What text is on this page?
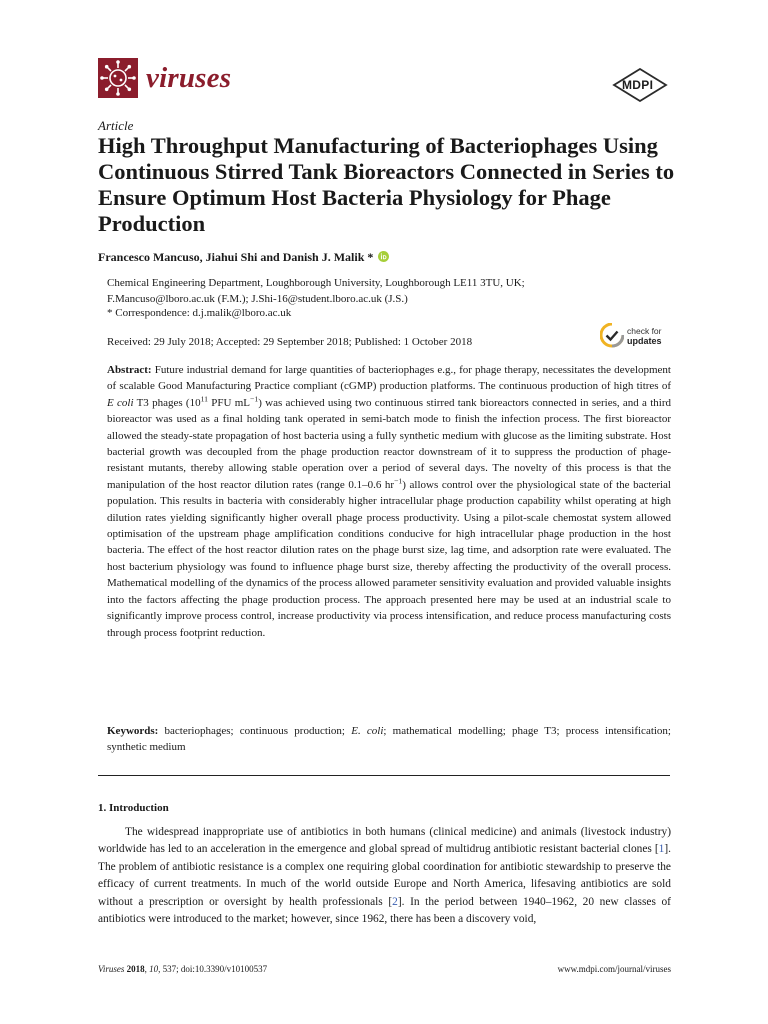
viruses	MDPI
Article
High Throughput Manufacturing of Bacteriophages Using Continuous Stirred Tank Bioreactors Connected in Series to Ensure Optimum Host Bacteria Physiology for Phage Production
Francesco Mancuso, Jiahui Shi and Danish J. Malik *
Chemical Engineering Department, Loughborough University, Loughborough LE11 3TU, UK;
F.Mancuso@lboro.ac.uk (F.M.); J.Shi-16@student.lboro.ac.uk (J.S.)
* Correspondence: d.j.malik@lboro.ac.uk
Received: 29 July 2018; Accepted: 29 September 2018; Published: 1 October 2018
check for
updates

Abstract: Future industrial demand for large quantities of bacteriophages e.g., for phage therapy, necessitates the development of scalable Good Manufacturing Practice compliant (cGMP) production platforms. The continuous production of high titres of E coli T3 phages ($10^{11}$ PFU $mL^{-1}$) was achieved using two continuous stirred tank bioreactors connected in series, and a third bioreactor was used as a final holding tank operated in semi-batch mode to finish the infection process. The first bioreactor allowed the steady-state propagation of host bacteria using a fully synthetic medium with glucose as the limiting substrate. Host bacterial growth was decoupled from the phage production reactor downstream of it to suppress the production of phage-resistant mutants, thereby allowing stable operation over a period of several days. The novelty of this process is that the manipulation of the host reactor dilution rates (range 0.1–0.6 $hr^{-1}$) allows control over the physiological state of the bacterial population. This results in bacteria with considerably higher intracellular phage production capability whilst operating at high dilution rates yielding significantly higher overall phage process productivity. Using a pilot-scale chemostat system allowed optimisation of the upstream phage amplification conditions conducive for high intracellular phage production in the host bacteria. The effect of the host reactor dilution rates on the phage burst size, lag time, and adsorption rate were evaluated. The host bacterium physiology was found to influence phage burst size, thereby affecting the productivity of the overall process. Mathematical modelling of the dynamics of the process allowed parameter sensitivity evaluation and provided valuable insights into the factors affecting the phage production process. The approach presented here may be used at an industrial scale to significantly improve process control, increase productivity via process intensification, and reduce process manufacturing costs through process footprint reduction.

Keywords: bacteriophages; continuous production; E. coli; mathematical modelling; phage T3; process intensification; synthetic medium

1. Introduction

The widespread inappropriate use of antibiotics in both humans (clinical medicine) and animals (livestock industry) worldwide has led to an acceleration in the emergence and global spread of multidrug antibiotic resistant bacterial clones [1]. The problem of antibiotic resistance is a complex one requiring global coordination for antibiotic stewardship to preserve the efficacy of current treatments. In much of the world outside Europe and North America, lifesaving antibiotics are sold without a prescription or oversight by health professionals [2]. In the period between 1940–1962, 20 new classes of antibiotics were introduced to the market; however, since 1962, there has been a discovery void,

Viruses 2018, 10, 537; doi:10.3390/v10100537	www.mdpi.com/journal/viruses
